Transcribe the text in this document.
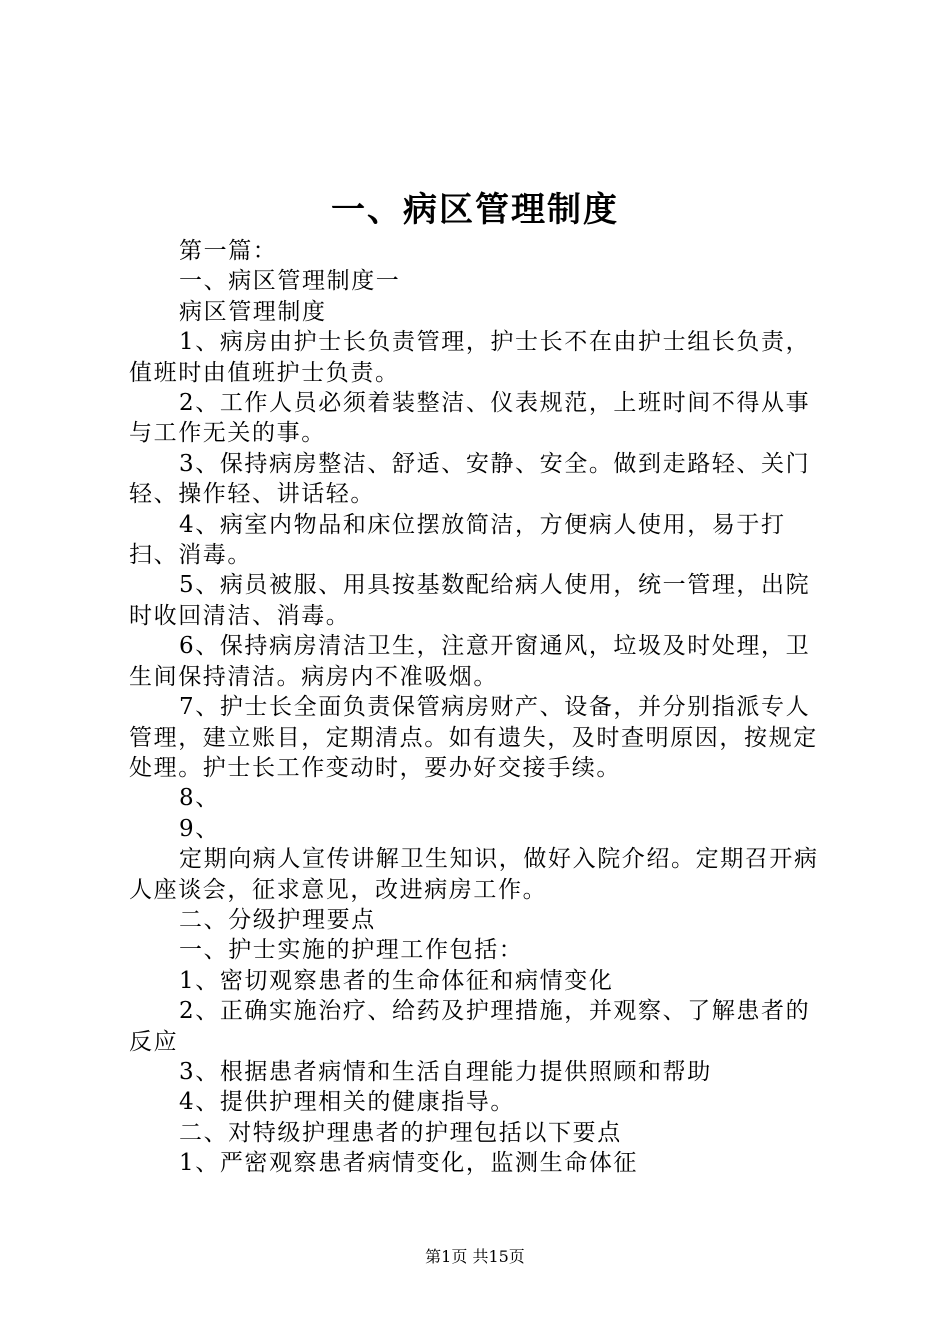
一、病区管理制度

第一篇：

一、病区管理制度一

病区管理制度

1、病房由护士长负责管理，护士长不在由护士组长负责，值班时由值班护士负责。

2、工作人员必须着装整洁、仪表规范，上班时间不得从事与工作无关的事。

3、保持病房整洁、舒适、安静、安全。做到走路轻、关门轻、操作轻、讲话轻。

4、病室内物品和床位摆放简洁，方便病人使用，易于打扫、消毒。

5、病员被服、用具按基数配给病人使用，统一管理，出院时收回清洁、消毒。

6、保持病房清洁卫生，注意开窗通风，垃圾及时处理，卫生间保持清洁。病房内不准吸烟。

7、护士长全面负责保管病房财产、设备，并分别指派专人管理，建立账目，定期清点。如有遗失，及时查明原因，按规定处理。护士长工作变动时，要办好交接手续。

8、

9、

定期向病人宣传讲解卫生知识，做好入院介绍。定期召开病人座谈会，征求意见，改进病房工作。

二、分级护理要点

一、护士实施的护理工作包括：

1、密切观察患者的生命体征和病情变化

2、正确实施治疗、给药及护理措施，并观察、了解患者的反应

3、根据患者病情和生活自理能力提供照顾和帮助

4、提供护理相关的健康指导。

二、对特级护理患者的护理包括以下要点

1、严密观察患者病情变化，监测生命体征

第1页 共15页
